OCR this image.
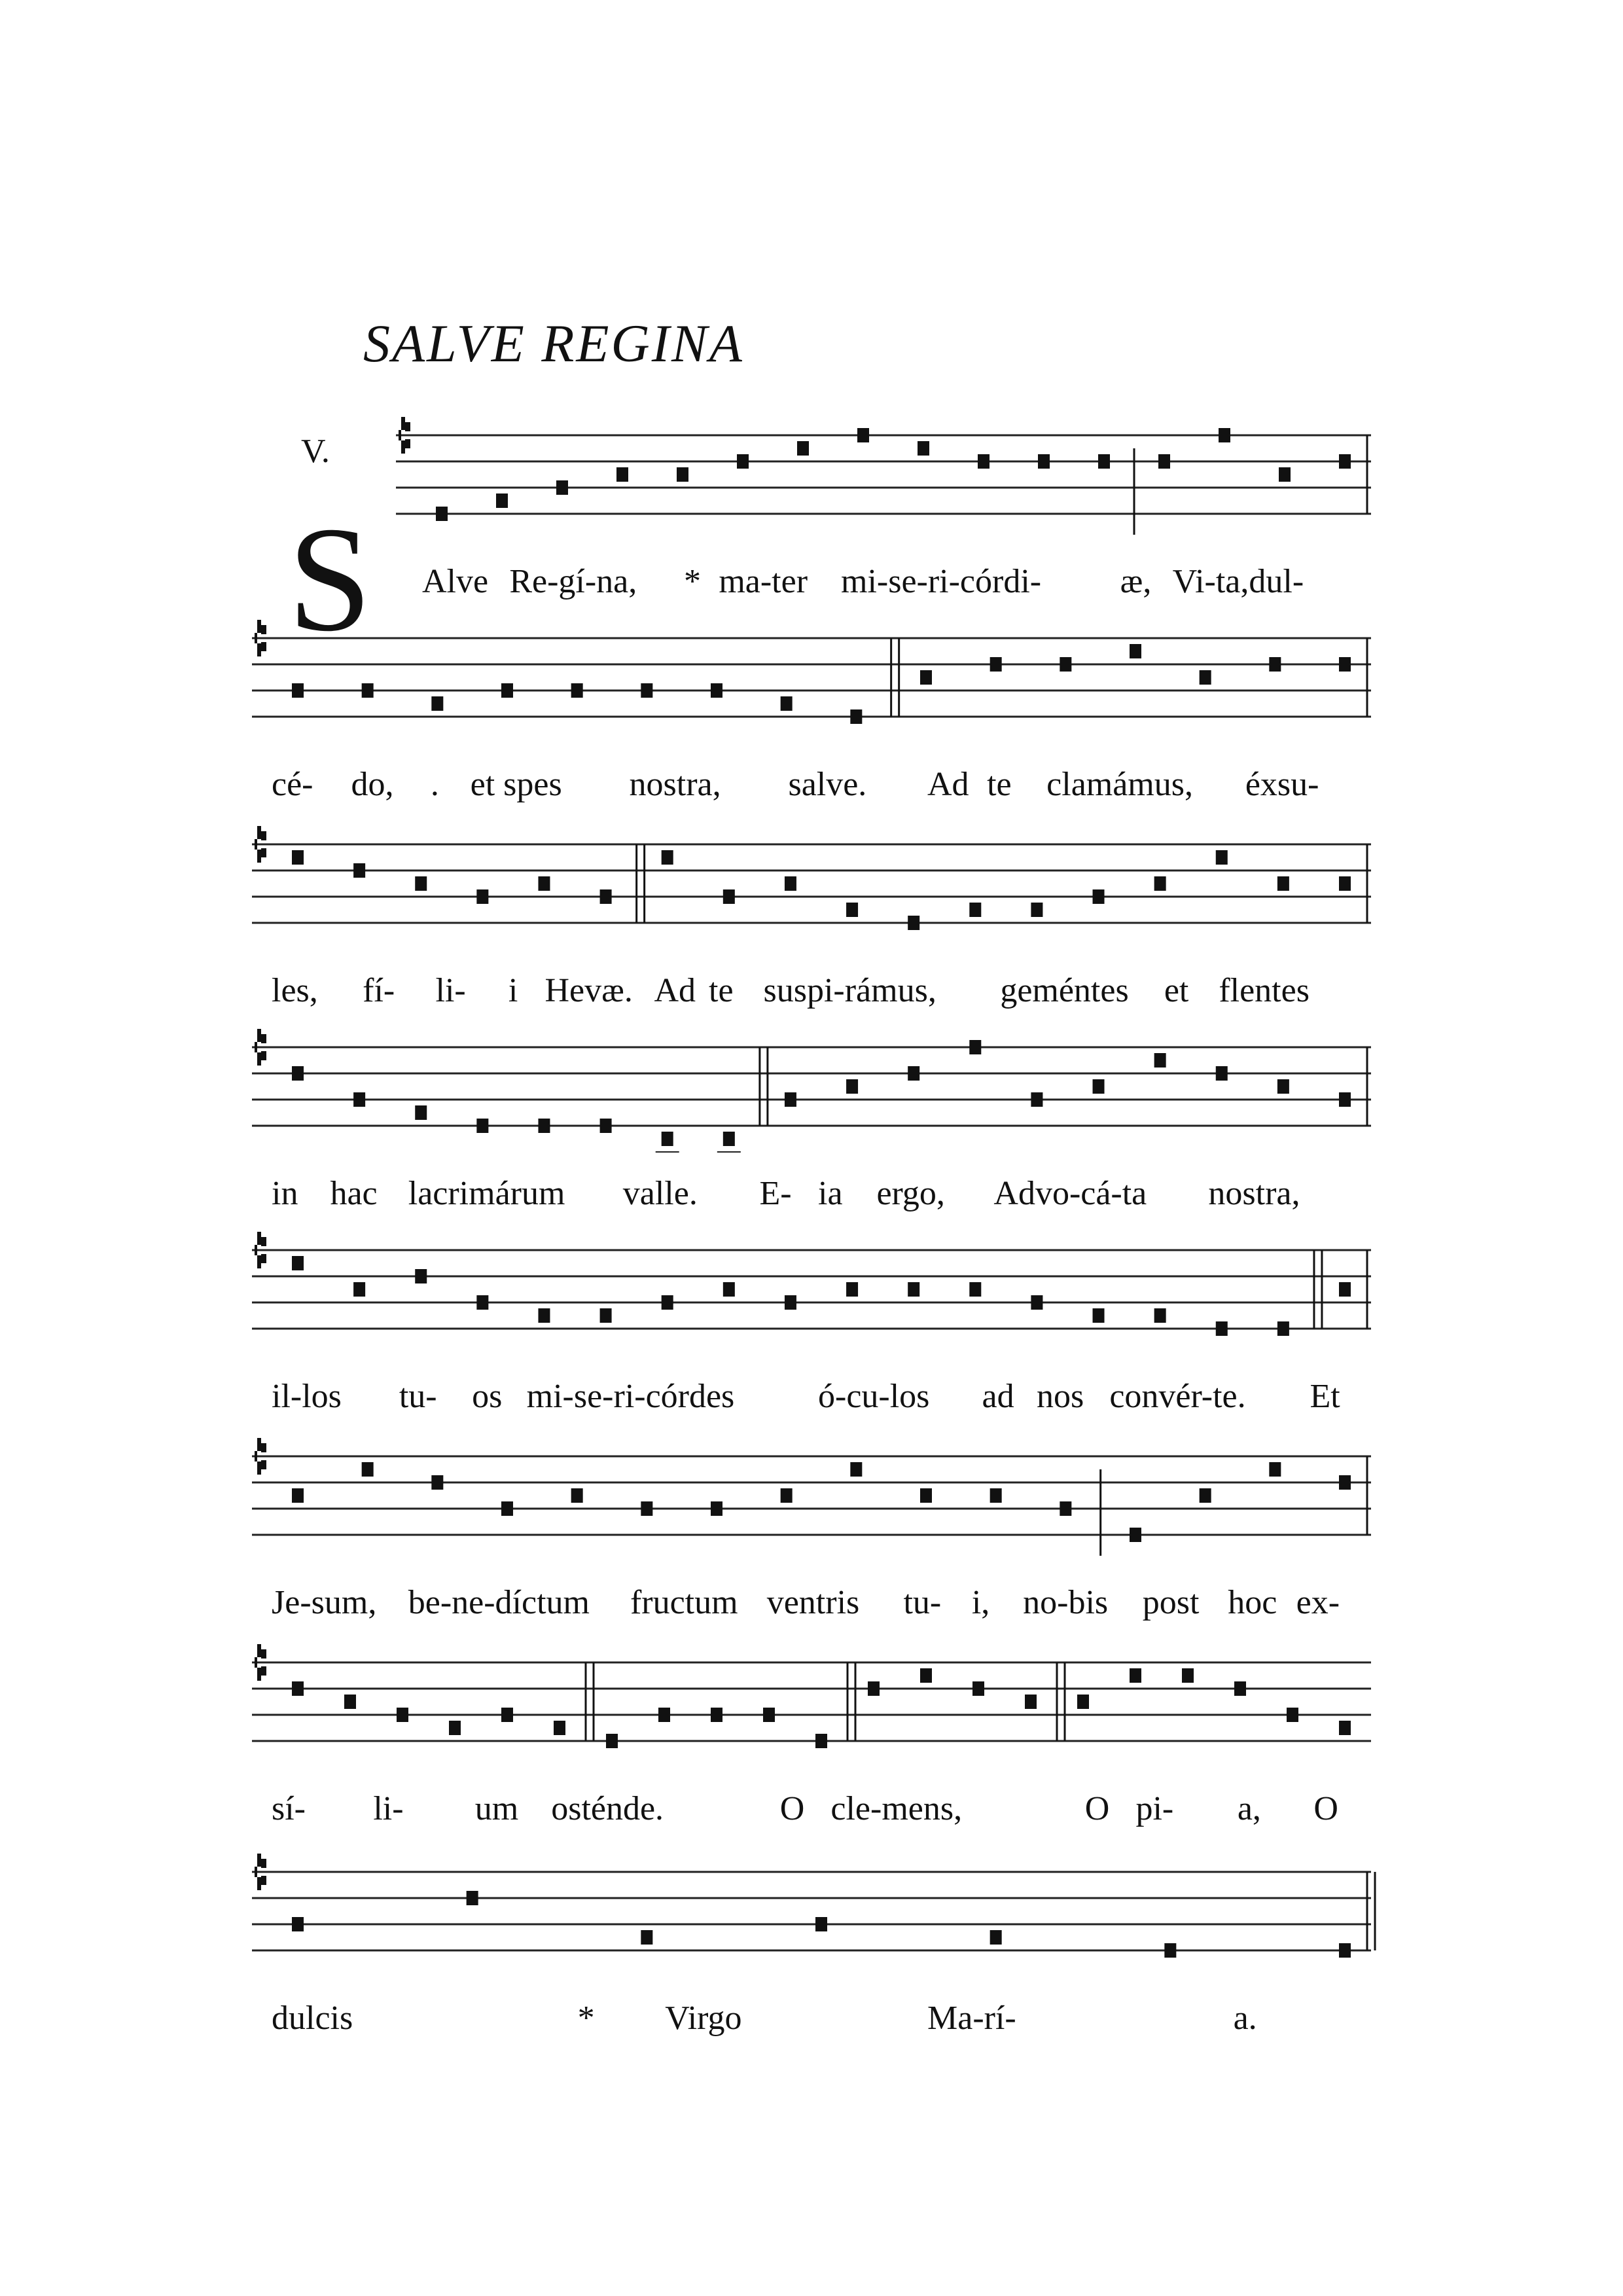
SALVE REGINA
V.
S Alve Re-gí-na, * ma-ter mi-se-ri-córdi- æ, Vi-ta,dul-
cé- do, . et spes nostra, salve. Ad te clamámus, éxsu-
les, fí- li- i Hevæ. Ad te suspi-rámus, geméntes et flentes
in hac lacrimárum valle. E- ia ergo, Advo-cá-ta nostra,
il-los tu- os mi-se-ri-córdes ó-cu-los ad nos convér-te. Et
Je-sum, be-ne-díctum fructum ventris tu- i, no-bis post hoc ex-
sí- li- um osténde.	O cle-mens,	O pi- a, O
dulcis	* Virgo	Ma-rí-	a.
